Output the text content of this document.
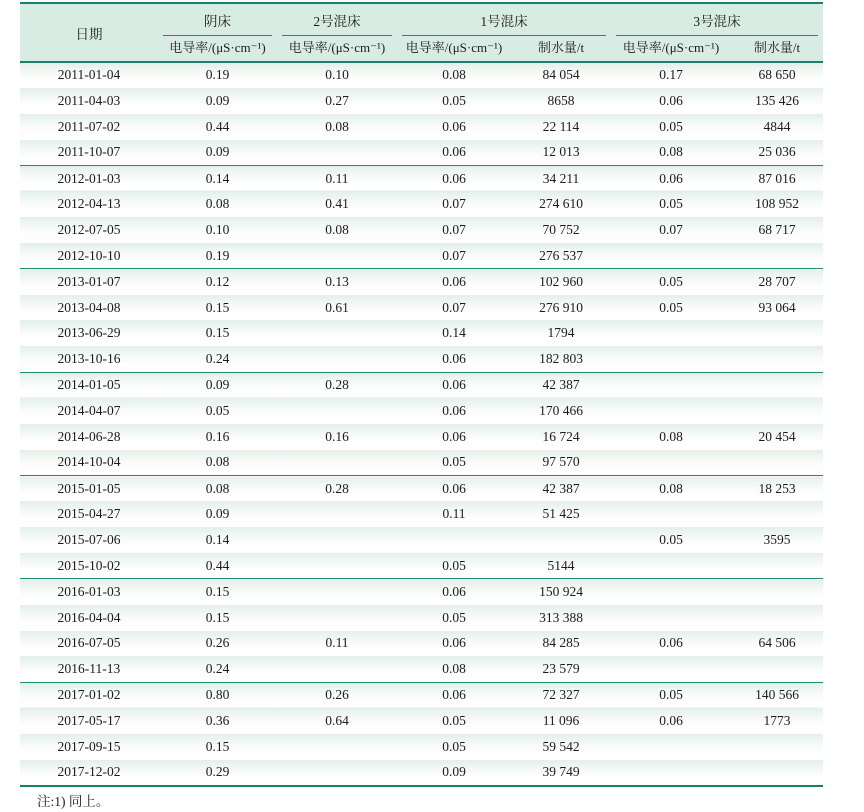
日期	阴床	2号混床	1号混床		3号混床	

	电导率/(μS·cm⁻¹)	电导率/(μS·cm⁻¹)	电导率/(μS·cm⁻¹)	制水量/t	电导率/(μS·cm⁻¹)	制水量/t
2011-01-04	0.19	0.10	0.08	84 054	0.17	68 650
2011-04-03	0.09	0.27	0.05	8658	0.06	135 426
2011-07-02	0.44	0.08	0.06	22 114	0.05	4844
2011-10-07	0.09		0.06	12 013	0.08	25 036
2012-01-03	0.14	0.11	0.06	34 211	0.06	87 016
2012-04-13	0.08	0.41	0.07	274 610	0.05	108 952
2012-07-05	0.10	0.08	0.07	70 752	0.07	68 717
2012-10-10	0.19		0.07	276 537		
2013-01-07	0.12	0.13	0.06	102 960	0.05	28 707
2013-04-08	0.15	0.61	0.07	276 910	0.05	93 064
2013-06-29	0.15		0.14	1794		
2013-10-16	0.24		0.06	182 803		
2014-01-05	0.09	0.28	0.06	42 387		
2014-04-07	0.05		0.06	170 466		
2014-06-28	0.16	0.16	0.06	16 724	0.08	20 454
2014-10-04	0.08		0.05	97 570		
2015-01-05	0.08	0.28	0.06	42 387	0.08	18 253
2015-04-27	0.09		0.11	51 425		
2015-07-06	0.14				0.05	3595
2015-10-02	0.44		0.05	5144		
2016-01-03	0.15		0.06	150 924		
2016-04-04	0.15		0.05	313 388		
2016-07-05	0.26	0.11	0.06	84 285	0.06	64 506
2016-11-13	0.24		0.08	23 579		
2017-01-02	0.80	0.26	0.06	72 327	0.05	140 566
2017-05-17	0.36	0.64	0.05	11 096	0.06	1773
2017-09-15	0.15		0.05	59 542		
2017-12-02	0.29		0.09	39 749		
注:1) 同上。
